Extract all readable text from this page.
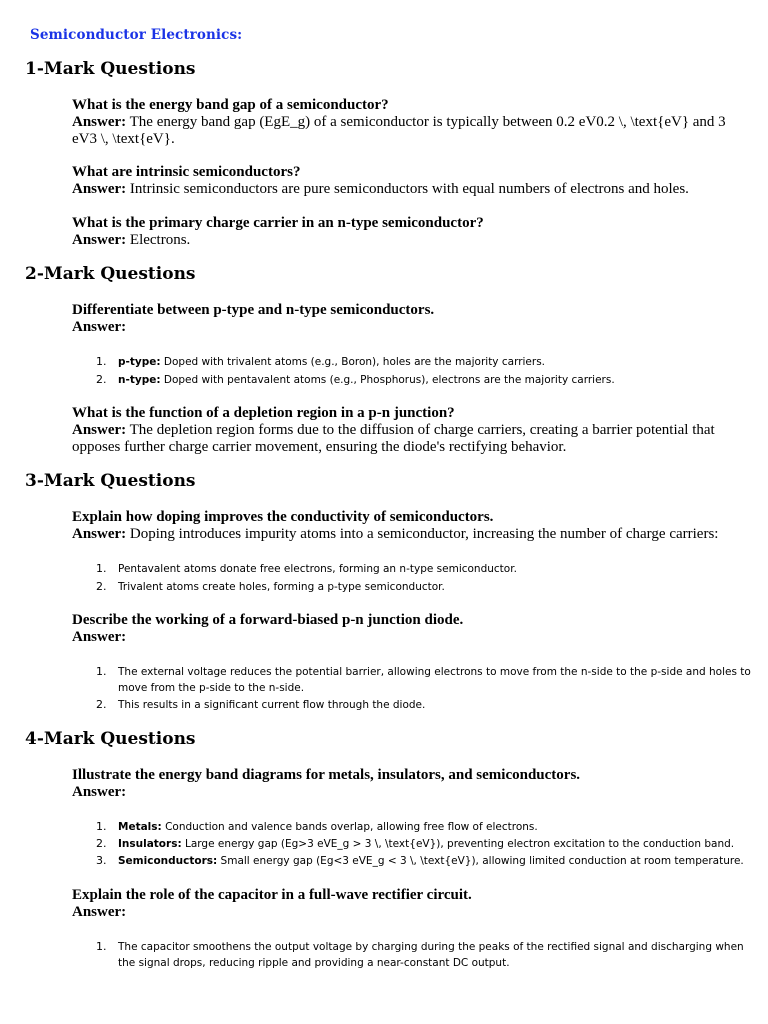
Semiconductor Electronics:
1-Mark Questions

What is the energy band gap of a semiconductor?

Answer: The energy band gap (EgE_g) of a semiconductor is typically between 0.2 eV0.2 \, \text{eV} and 3 eV3 \, \text{eV}.

What are intrinsic semiconductors?

Answer: Intrinsic semiconductors are pure semiconductors with equal numbers of electrons and holes.

What is the primary charge carrier in an n-type semiconductor?

Answer: Electrons.

2-Mark Questions

Differentiate between p-type and n-type semiconductors.

Answer:

1. p-type: Doped with trivalent atoms (e.g., Boron), holes are the majority carriers.
2. n-type: Doped with pentavalent atoms (e.g., Phosphorus), electrons are the majority carriers.

What is the function of a depletion region in a p-n junction?

Answer: The depletion region forms due to the diffusion of charge carriers, creating a barrier potential that opposes further charge carrier movement, ensuring the diode's rectifying behavior.

3-Mark Questions

Explain how doping improves the conductivity of semiconductors.

Answer: Doping introduces impurity atoms into a semiconductor, increasing the number of charge carriers:

1. Pentavalent atoms donate free electrons, forming an n-type semiconductor.
2. Trivalent atoms create holes, forming a p-type semiconductor.

Describe the working of a forward-biased p-n junction diode.

Answer:

1. The external voltage reduces the potential barrier, allowing electrons to move from the n-side to the p-side and holes to move from the p-side to the n-side.
2. This results in a significant current flow through the diode.
4-Mark Questions

Illustrate the energy band diagrams for metals, insulators, and semiconductors.

Answer:

1. Metals: Conduction and valence bands overlap, allowing free flow of electrons.
2. Insulators: Large energy gap (Eg>3 eVE_g > 3 \, \text{eV}), preventing electron excitation to the conduction band.
3. Semiconductors: Small energy gap (Eg<3 eVE_g < 3 \, \text{eV}), allowing limited conduction at room temperature.

Explain the role of the capacitor in a full-wave rectifier circuit.

Answer:

1. The capacitor smoothens the output voltage by charging during the peaks of the rectified signal and discharging when the signal drops, reducing ripple and providing a near-constant DC output.
